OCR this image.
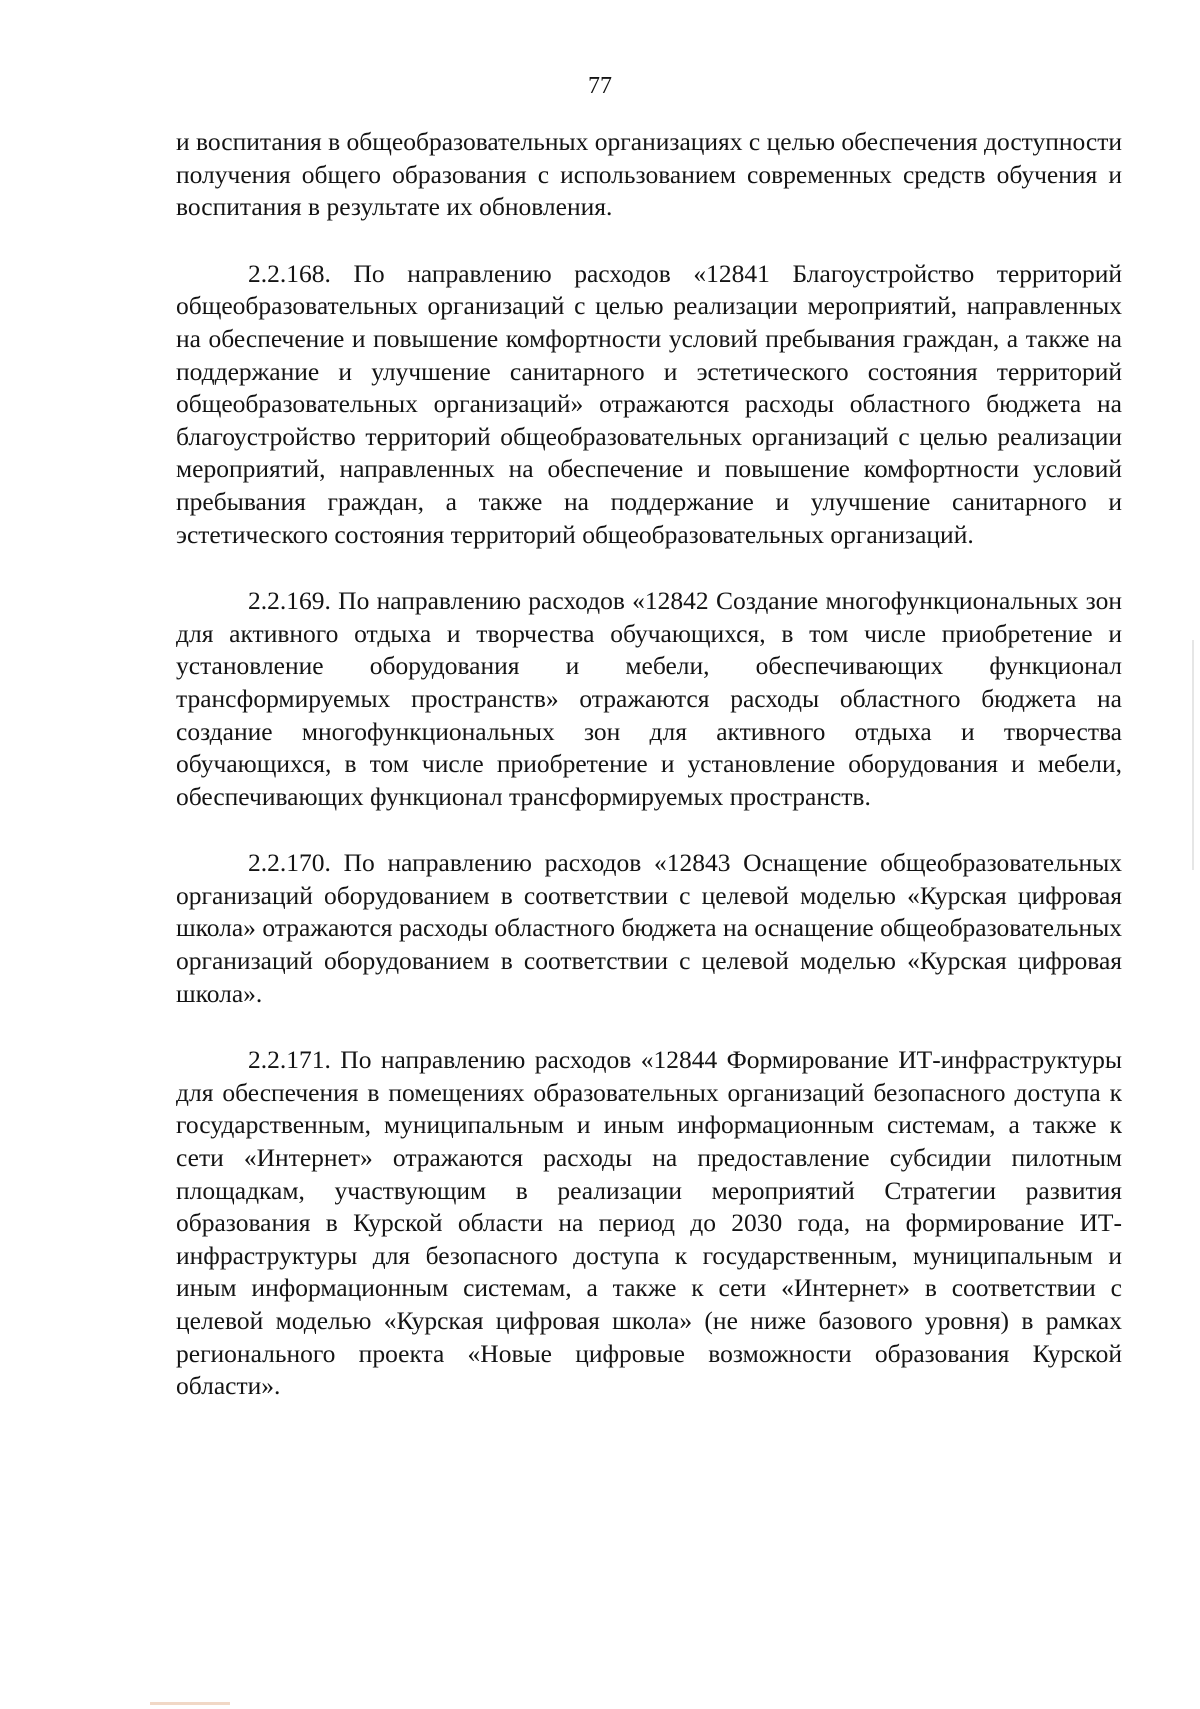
77

и воспитания в общеобразовательных организациях с целью обеспечения доступности получения общего образования с использованием современных средств обучения и воспитания в результате их обновления.

2.2.168. По направлению расходов «12841 Благоустройство территорий общеобразовательных организаций с целью реализации мероприятий, направленных на обеспечение и повышение комфортности условий пребывания граждан, а также на поддержание и улучшение санитарного и эстетического состояния территорий общеобразовательных организаций» отражаются расходы областного бюджета на благоустройство территорий общеобразовательных организаций с целью реализации мероприятий, направленных на обеспечение и повышение комфортности условий пребывания граждан, а также на поддержание и улучшение санитарного и эстетического состояния территорий общеобразовательных организаций.

2.2.169. По направлению расходов «12842 Создание многофункциональных зон для активного отдыха и творчества обучающихся, в том числе приобретение и установление оборудования и мебели, обеспечивающих функционал трансформируемых пространств» отражаются расходы областного бюджета на создание многофункциональных зон для активного отдыха и творчества обучающихся, в том числе приобретение и установление оборудования и мебели, обеспечивающих функционал трансформируемых пространств.

2.2.170. По направлению расходов «12843 Оснащение общеобразовательных организаций оборудованием в соответствии с целевой моделью «Курская цифровая школа» отражаются расходы областного бюджета на оснащение общеобразовательных организаций оборудованием в соответствии с целевой моделью «Курская цифровая школа».

2.2.171. По направлению расходов «12844 Формирование ИТ-инфраструктуры для обеспечения в помещениях образовательных организаций безопасного доступа к государственным, муниципальным и иным информационным системам, а также к сети «Интернет» отражаются расходы на предоставление субсидии пилотным площадкам, участвующим в реализации мероприятий Стратегии развития образования в Курской области на период до 2030 года, на формирование ИТ-инфраструктуры для безопасного доступа к государственным, муниципальным и иным информационным системам, а также к сети «Интернет» в соответствии с целевой моделью «Курская цифровая школа» (не ниже базового уровня) в рамках регионального проекта «Новые цифровые возможности образования Курской области».
